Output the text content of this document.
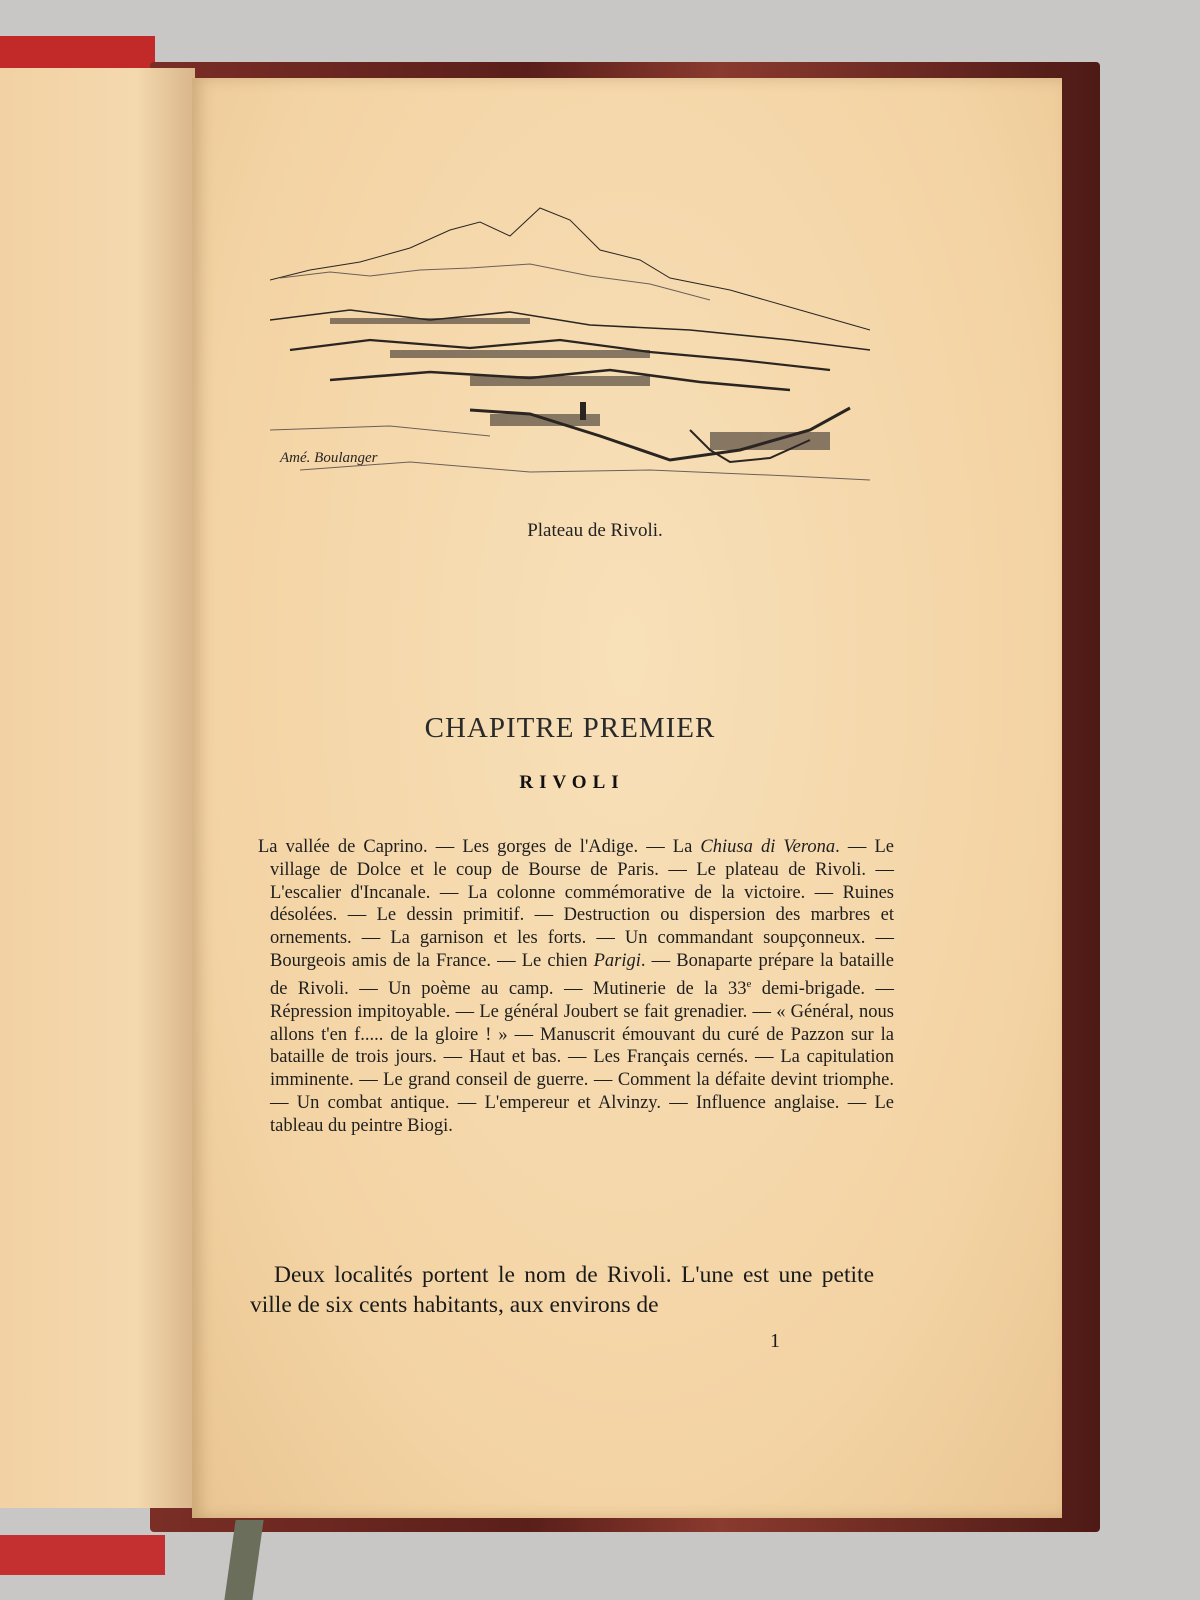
Amé. Boulanger
Plateau de Rivoli.
CHAPITRE PREMIER
RIVOLI
La vallée de Caprino. — Les gorges de l'Adige. — La Chiusa di Verona. — Le village de Dolce et le coup de Bourse de Paris. — Le plateau de Rivoli. — L'escalier d'Incanale. — La colonne commémorative de la victoire. — Ruines désolées. — Le dessin primitif. — Destruction ou dispersion des marbres et ornements. — La garnison et les forts. — Un commandant soupçonneux. — Bourgeois amis de la France. — Le chien Parigi. — Bonaparte prépare la bataille de Rivoli. — Un poème au camp. — Mutinerie de la 33e demi-brigade. — Répression impitoyable. — Le général Joubert se fait grenadier. — « Général, nous allons t'en f..... de la gloire ! » — Manuscrit émouvant du curé de Pazzon sur la bataille de trois jours. — Haut et bas. — Les Français cernés. — La capitulation imminente. — Le grand conseil de guerre. — Comment la défaite devint triomphe. — Un combat antique. — L'empereur et Alvinzy. — Influence anglaise. — Le tableau du peintre Biogi.
Deux localités portent le nom de Rivoli. L'une est une petite ville de six cents habitants, aux environs de
1
